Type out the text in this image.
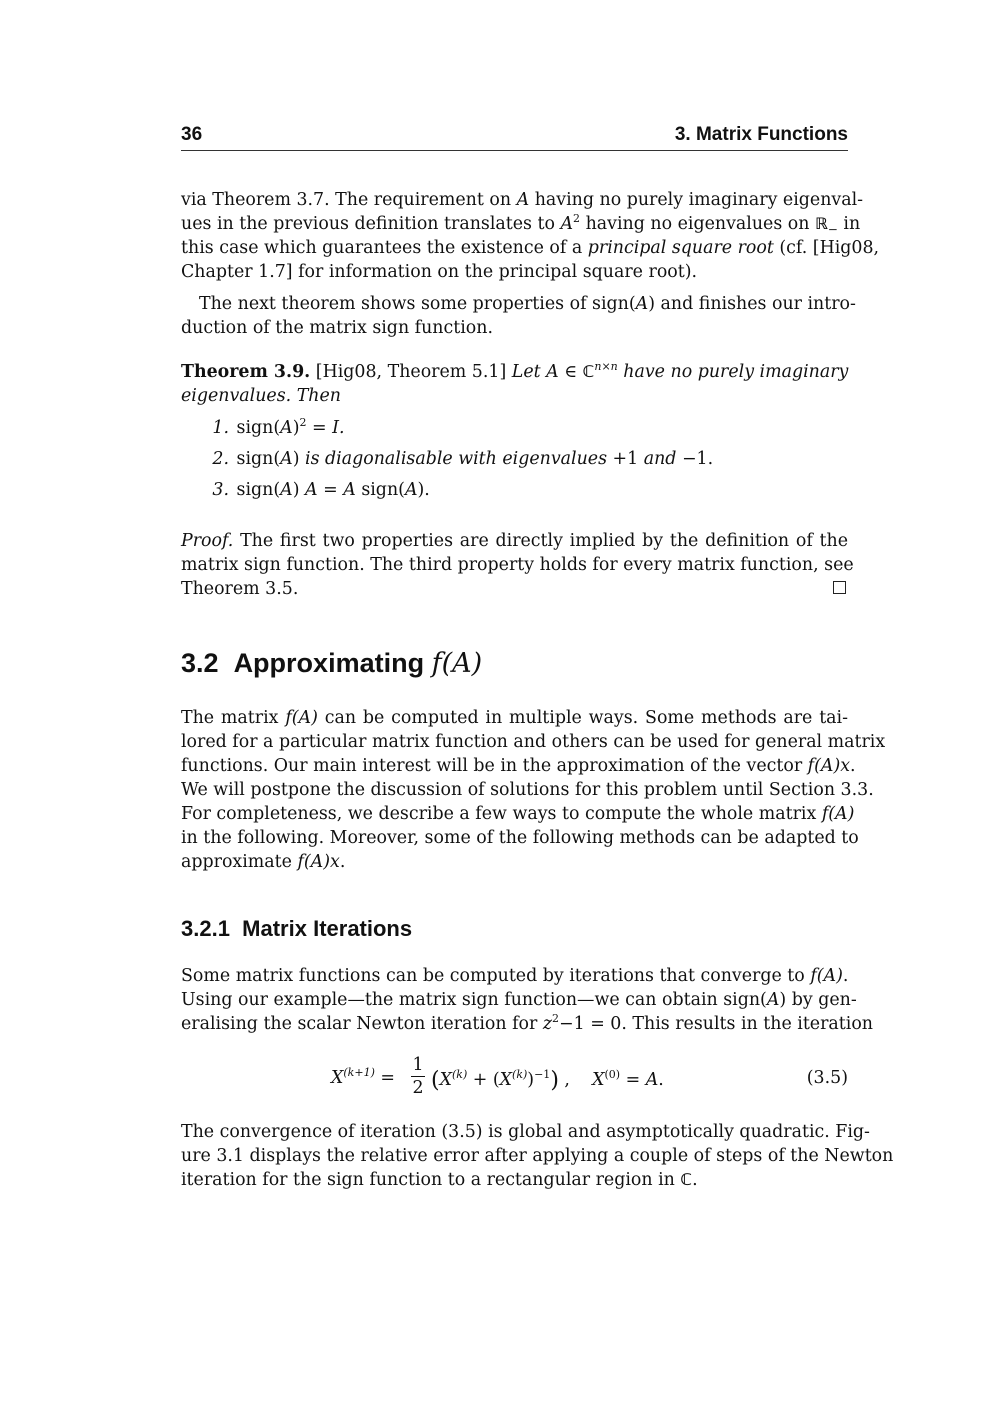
36	3. Matrix Functions
via Theorem 3.7. The requirement on A having no purely imaginary eigenval-
ues in the previous definition translates to $A^2$ having no eigenvalues on ℝ$_-$ in
this case which guarantees the existence of a principal square root (cf. [Hig08,
Chapter 1.7] for information on the principal square root).
The next theorem shows some properties of sign(A) and finishes our intro-
duction of the matrix sign function.
Theorem 3.9. [Hig08, Theorem 5.1] Let A ∈ ℂ$^{n\times n}$ have no purely imaginary
eigenvalues. Then
1. $sign(A)^2 = I$.
2. sign(A) is diagonalisable with eigenvalues +1 and −1.
3. sign(A) A = A sign(A).
Proof. The first two properties are directly implied by the definition of the
matrix sign function. The third property holds for every matrix function, see
Theorem 3.5.
3.2 Approximating f(A)
The matrix f(A) can be computed in multiple ways. Some methods are tai-
lored for a particular matrix function and others can be used for general matrix
functions. Our main interest will be in the approximation of the vector f(A)x.
We will postpone the discussion of solutions for this problem until Section 3.3.
For completeness, we describe a few ways to compute the whole matrix f(A)
in the following. Moreover, some of the following methods can be adapted to
approximate f(A)x.
3.2.1 Matrix Iterations
Some matrix functions can be computed by iterations that converge to f(A).
Using our example—the matrix sign function—we can obtain sign(A) by gen-
eralising the scalar Newton iteration for $z^2-1 = 0$. This results in the iteration
$X^{(k+1)}$ =
1
2 $(X^{(k)} + (X^{(k)})^{-1})$ ,    $X^{(0)} = A$.	(3.5)
The convergence of iteration (3.5) is global and asymptotically quadratic. Fig-
ure 3.1 displays the relative error after applying a couple of steps of the Newton
iteration for the sign function to a rectangular region in ℂ.
